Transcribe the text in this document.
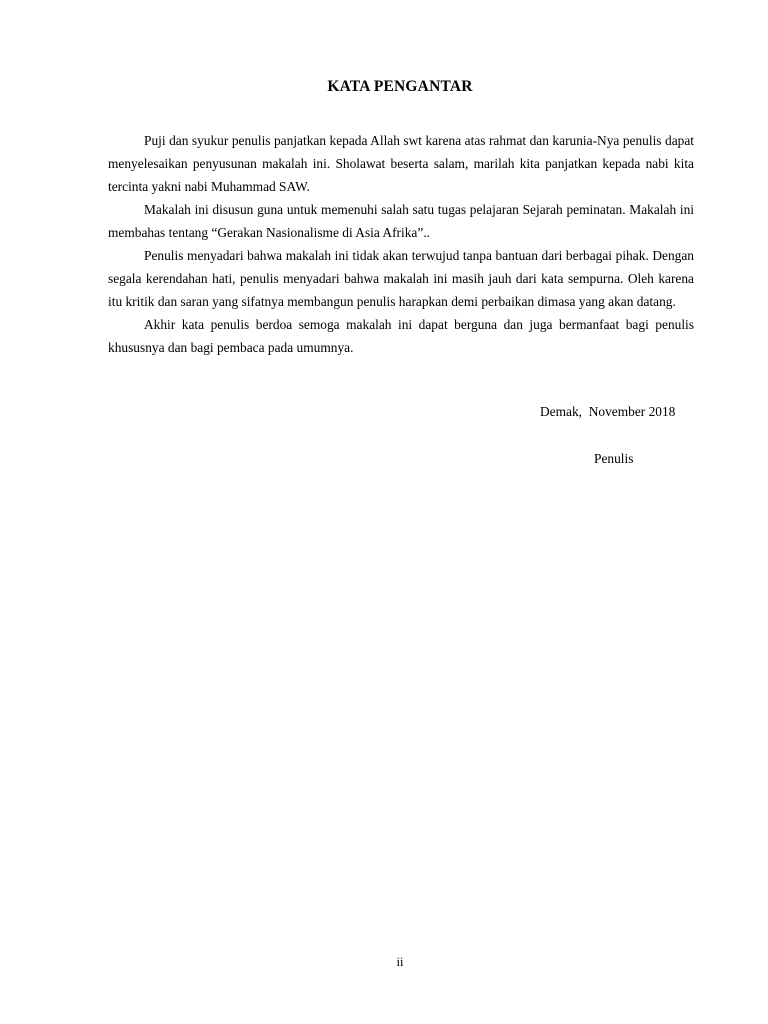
KATA PENGANTAR

Puji dan syukur penulis panjatkan kepada Allah swt karena atas rahmat dan karunia-Nya penulis dapat menyelesaikan penyusunan makalah ini. Sholawat beserta salam, marilah kita panjatkan kepada nabi kita tercinta yakni nabi Muhammad SAW.

Makalah ini disusun guna untuk memenuhi salah satu tugas pelajaran Sejarah peminatan. Makalah ini membahas tentang “Gerakan Nasionalisme di Asia Afrika”..

Penulis menyadari bahwa makalah ini tidak akan terwujud tanpa bantuan dari berbagai pihak. Dengan segala kerendahan hati, penulis menyadari bahwa makalah ini masih jauh dari kata sempurna. Oleh karena itu kritik dan saran yang sifatnya membangun penulis harapkan demi perbaikan dimasa yang akan datang.

Akhir kata penulis berdoa semoga makalah ini dapat berguna dan juga bermanfaat bagi penulis khususnya dan bagi pembaca pada umumnya.

Demak,  November 2018
Penulis
ii
